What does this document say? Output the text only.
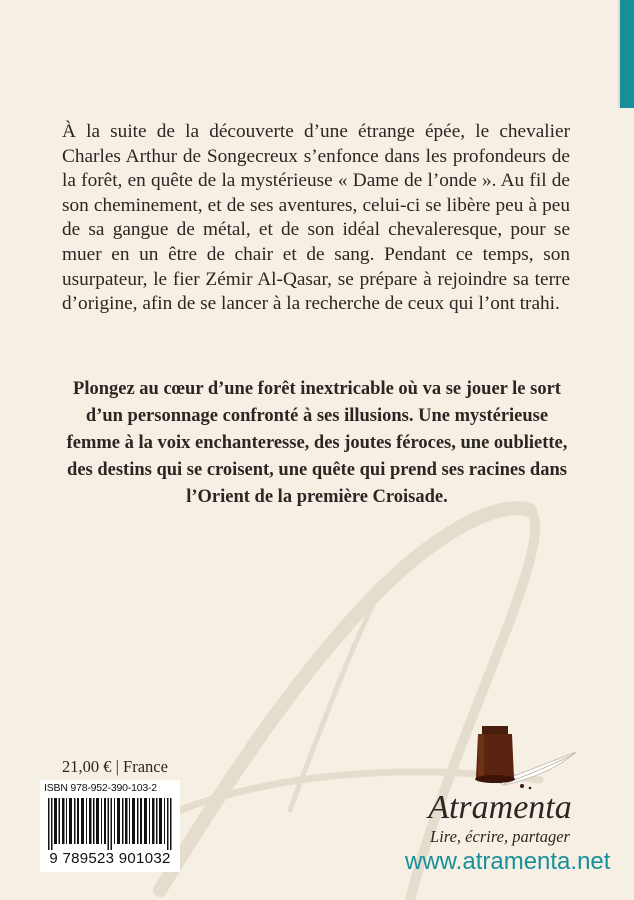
À la suite de la découverte d’une étrange épée, le chevalier Charles Arthur de Songecreux s’enfonce dans les profondeurs de la forêt, en quête de la mystérieuse « Dame de l’onde ». Au fil de son cheminement, et de ses aventures, celui-ci se libère peu à peu de sa gangue de métal, et de son idéal chevaleresque, pour se muer en un être de chair et de sang. Pendant ce temps, son usurpateur, le fier Zémir Al-Qasar, se prépare à rejoindre sa terre d’origine, afin de se lancer à la recherche de ceux qui l’ont trahi.

Plongez au cœur d’une forêt inextricable où va se jouer le sort
d’un personnage confronté à ses illusions. Une mystérieuse
femme à la voix enchanteresse, des joutes féroces, une oubliette,
des destins qui se croisent, une quête qui prend ses racines dans
l’Orient de la première Croisade.

21,00 € | France
ISBN 978-952-390-103-2
9 789523 901032
Atramenta
Lire, écrire, partager
www.atramenta.net
